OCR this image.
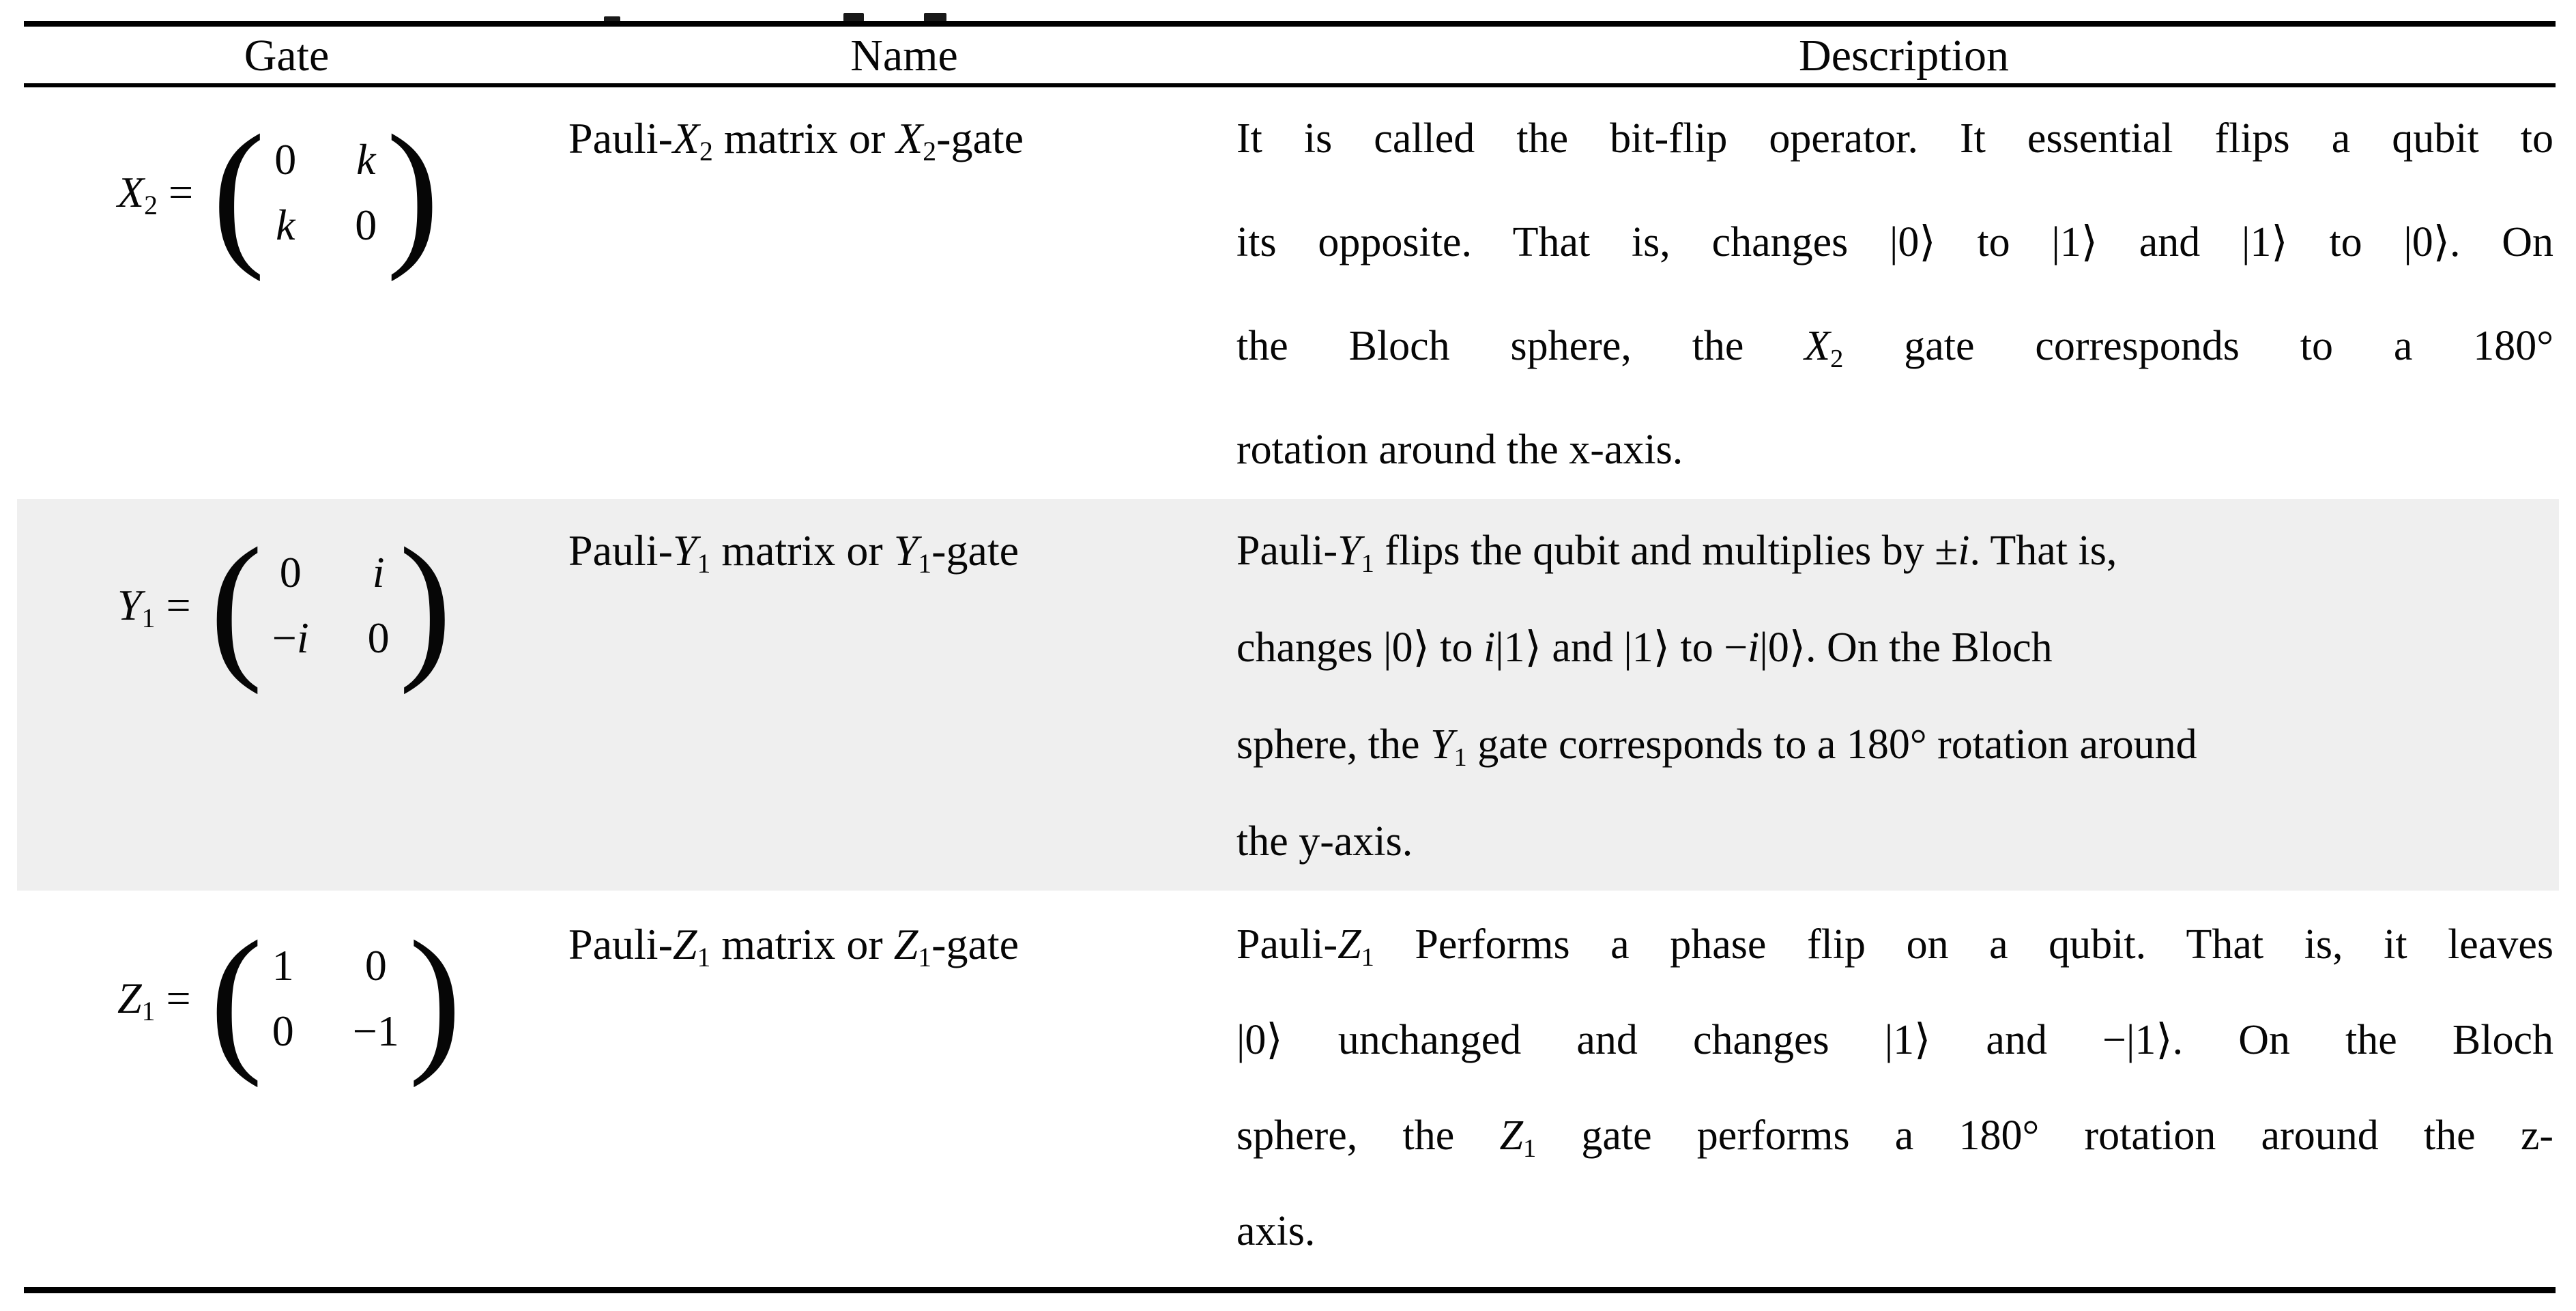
Gate	Name	Description
$X_2$ = ( 0 k
k 0 )	Pauli-$X_2$ matrix or $X_2$-gate	It is called the bit-flip operator. It essential flips a qubit to
its opposite. That is, changes |0⟩ to |1⟩ and |1⟩ to |0⟩. On
the Bloch sphere, the $X_2$ gate corresponds to a 180°
rotation around the x-axis.
$Y_1$ = ( 0 i
−i 0 )	Pauli-$Y_1$ matrix or $Y_1$-gate	Pauli-$Y_1$ flips the qubit and multiplies by ±i. That is,
changes |0⟩ to i|1⟩ and |1⟩ to −i|0⟩. On the Bloch
sphere, the $Y_1$ gate corresponds to a 180° rotation around
the y-axis.
$Z_1$ = ( 1 0
0 −1 ) Pauli-$Z_1$ matrix or $Z_1$-gate	Pauli-$Z_1$ Performs a phase flip on a qubit. That is, it leaves
|0⟩ unchanged and changes |1⟩ and −|1⟩. On the Bloch
sphere, the $Z_1$ gate performs a 180° rotation around the z-
axis.
